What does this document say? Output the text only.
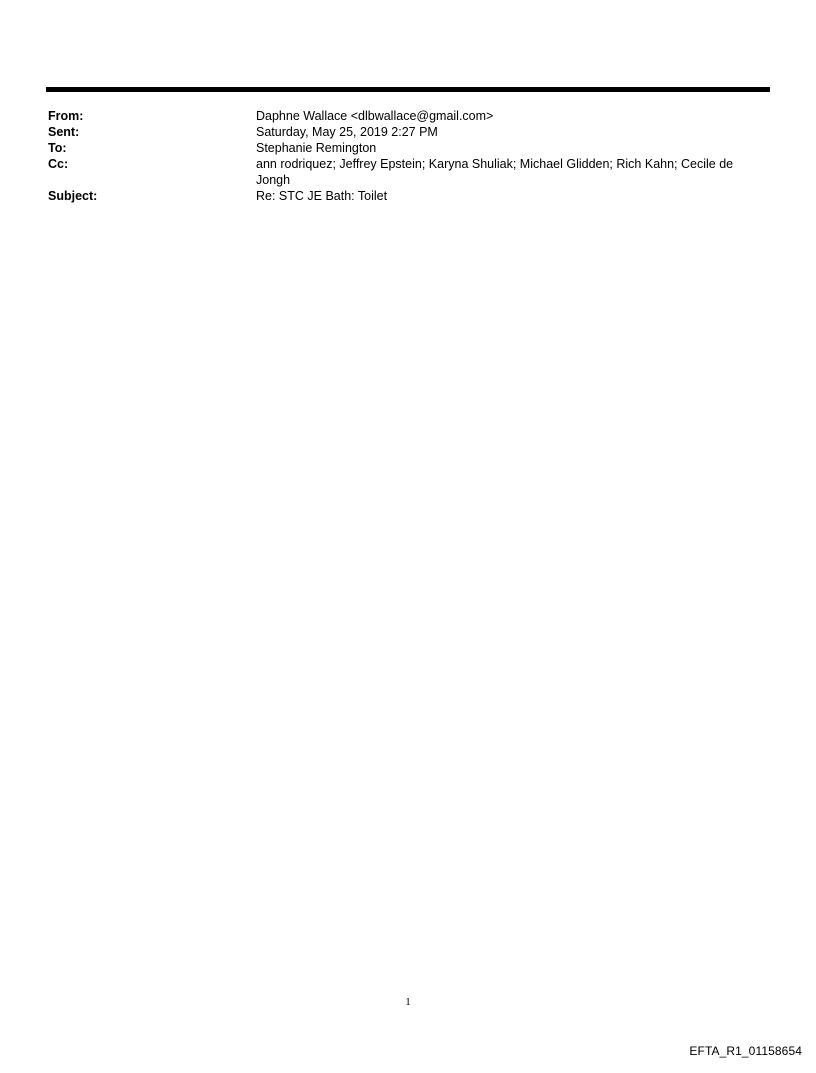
From:	Daphne Wallace <dlbwallace@gmail.com>
Sent:	Saturday, May 25, 2019 2:27 PM
To:	Stephanie Remington
Cc:	ann rodriquez; Jeffrey Epstein; Karyna Shuliak; Michael Glidden; Rich Kahn; Cecile de Jongh
Subject:	Re: STC JE Bath: Toilet
1
EFTA_R1_01158654
